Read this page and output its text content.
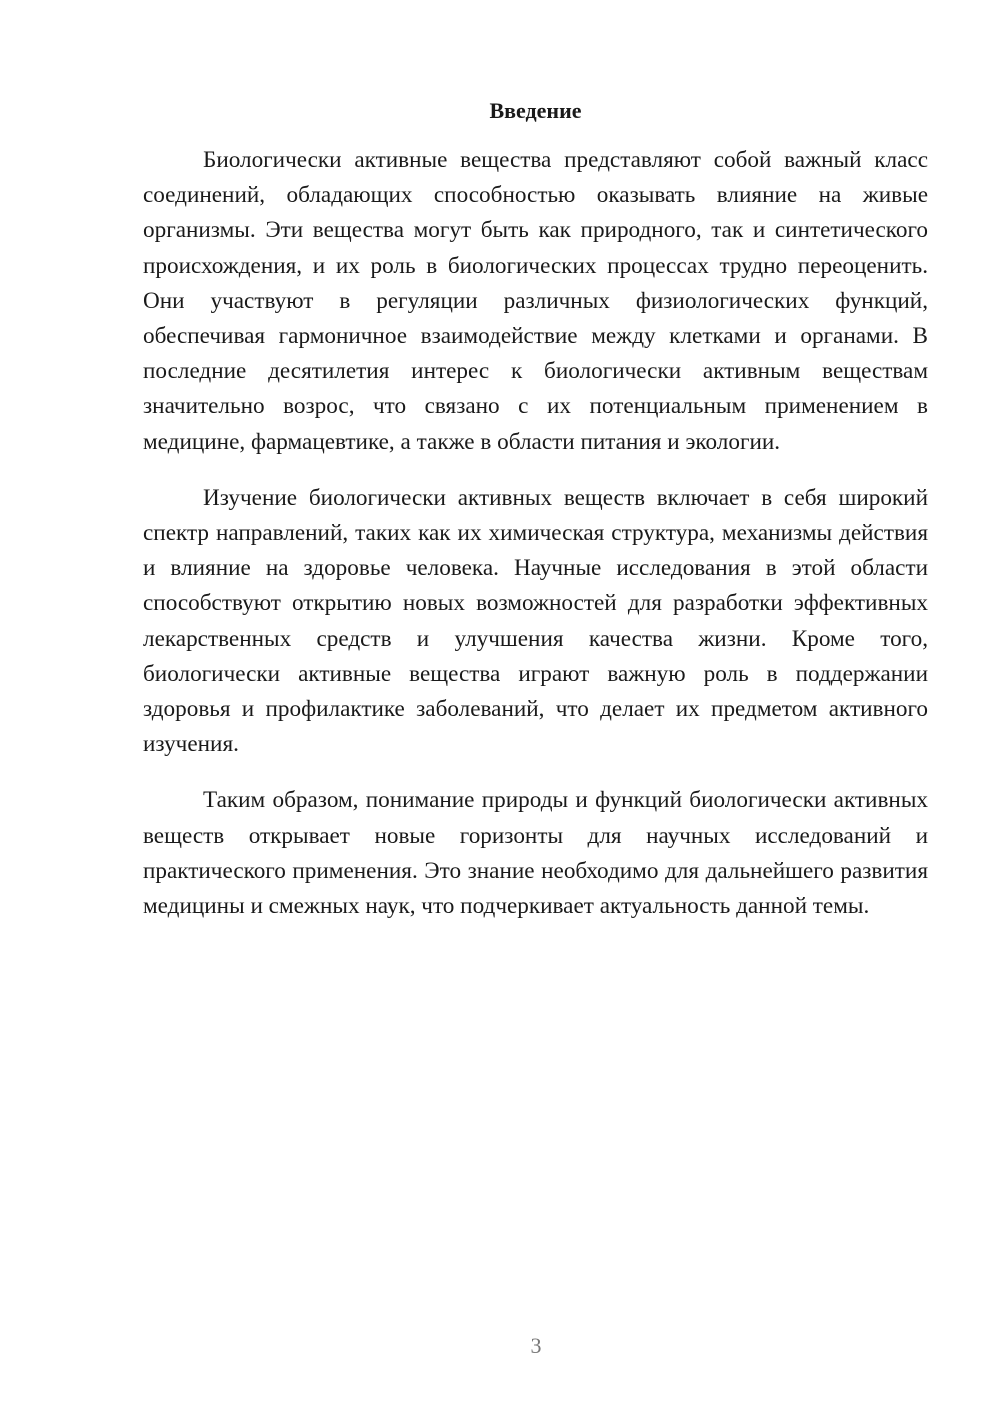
Введение

Биологически активные вещества представляют собой важный класс соединений, обладающих способностью оказывать влияние на живые организмы. Эти вещества могут быть как природного, так и синтетического происхождения, и их роль в биологических процессах трудно переоценить. Они участвуют в регуляции различных физиологических функций, обеспечивая гармоничное взаимодействие между клетками и органами. В последние десятилетия интерес к биологически активным веществам значительно возрос, что связано с их потенциальным применением в медицине, фармацевтике, а также в области питания и экологии.

Изучение биологически активных веществ включает в себя широкий спектр направлений, таких как их химическая структура, механизмы действия и влияние на здоровье человека. Научные исследования в этой области способствуют открытию новых возможностей для разработки эффективных лекарственных средств и улучшения качества жизни. Кроме того, биологически активные вещества играют важную роль в поддержании здоровья и профилактике заболеваний, что делает их предметом активного изучения.

Таким образом, понимание природы и функций биологически активных веществ открывает новые горизонты для научных исследований и практического применения. Это знание необходимо для дальнейшего развития медицины и смежных наук, что подчеркивает актуальность данной темы.

3
